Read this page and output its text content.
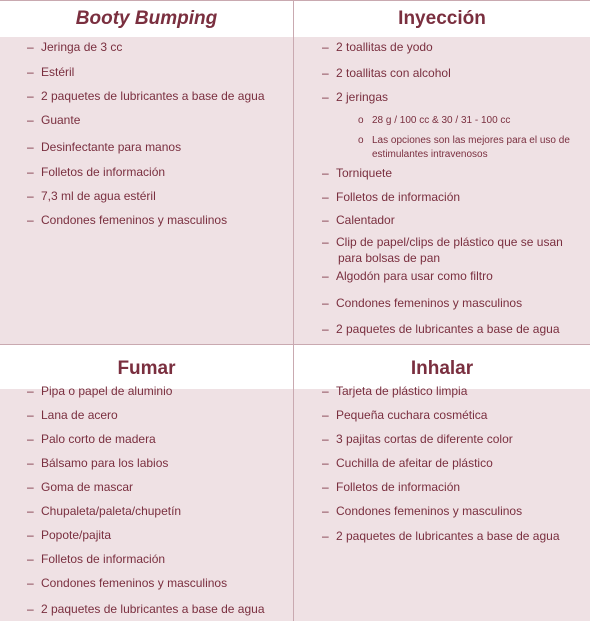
Booty Bumping
– Jeringa de 3 cc
– Estéril
– 2 paquetes de lubricantes a base de agua
– Guante
– Desinfectante para manos
– Folletos de información
– 7,3 ml de agua estéril
– Condones femeninos y masculinos
Inyección
– 2 toallitas de yodo
– 2 toallitas con alcohol
– 2 jeringas
o 28 g / 100 cc & 30 / 31 - 100 cc
o Las opciones son las mejores para el uso de
estimulantes intravenosos
– Torniquete
– Folletos de información
– Calentador
– Clip de papel/clips de plástico que se usan
para bolsas de pan
– Algodón para usar como filtro
– Condones femeninos y masculinos
– 2 paquetes de lubricantes a base de agua
Fumar
– Pipa o papel de aluminio
– Lana de acero
– Palo corto de madera
– Bálsamo para los labios
– Goma de mascar
– Chupaleta/paleta/chupetín
– Popote/pajita
– Folletos de información
– Condones femeninos y masculinos
– 2 paquetes de lubricantes a base de agua
Inhalar
– Tarjeta de plástico limpia
– Pequeña cuchara cosmética
– 3 pajitas cortas de diferente color
– Cuchilla de afeitar de plástico
– Folletos de información
– Condones femeninos y masculinos
– 2 paquetes de lubricantes a base de agua
